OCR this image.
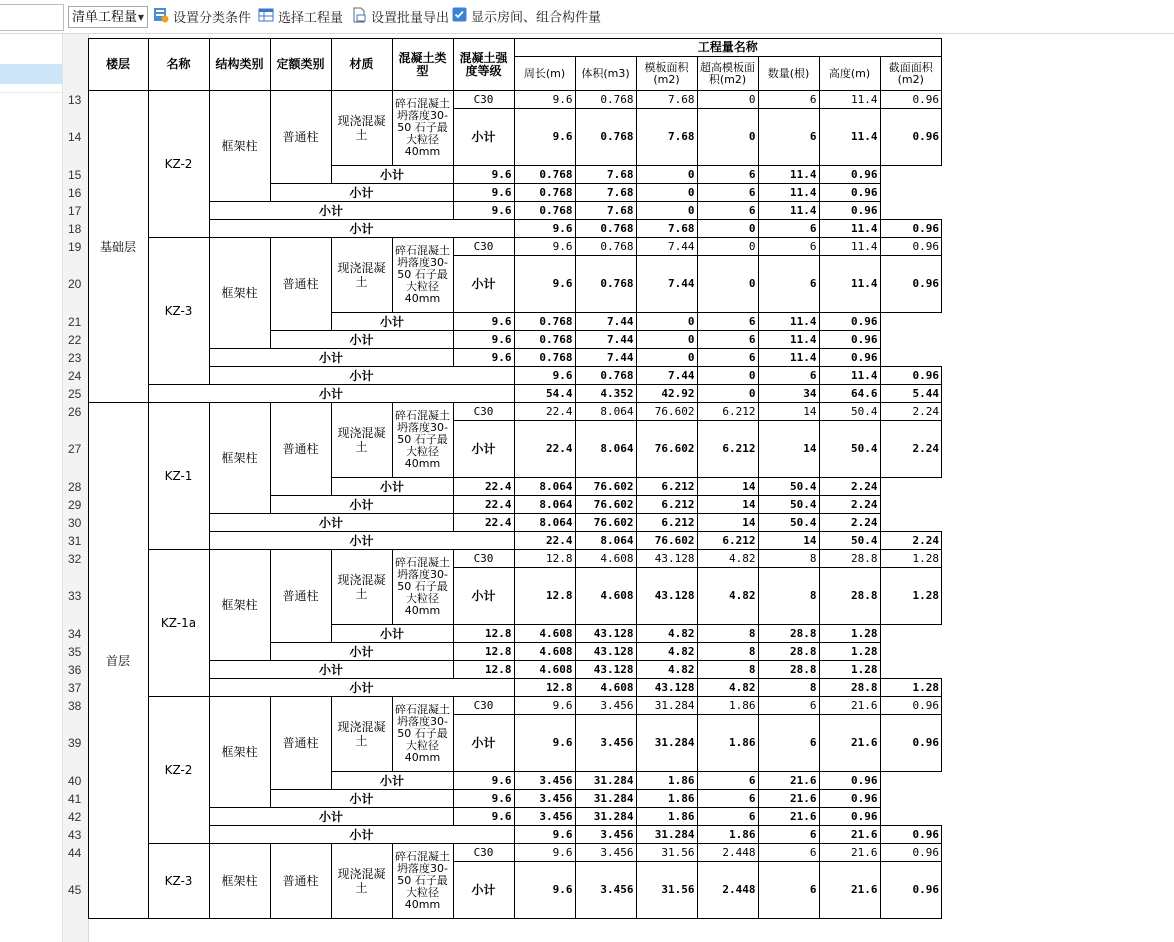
清单工程量 ▼	设置分类条件	选择工程量	设置批量导出	显示房间、组合构件量
	楼层	名称	结构类别	定额类别	材质	混凝土类型	混凝土强度等级	工程量名称						
								周长(m)	体积(m3)	模板面积(m2)	超高模板面积(m2)	数量(根)	高度(m)	截面面积(m2)
13	基础层	KZ-2	框架柱	普通柱	现浇混凝土	碎石混凝土 坍落度30-50 石子最大粒径40mm	C30	9.6	0.768	7.68	0	6	11.4	0.96
14							小计	9.6	0.768	7.68	0	6	11.4	0.96
15					小计		9.6	0.768	7.68	0	6	11.4	0.96	
16				小计			9.6	0.768	7.68	0	6	11.4	0.96	
17			小计				9.6	0.768	7.68	0	6	11.4	0.96	
18			小计					9.6	0.768	7.68	0	6	11.4	0.96
19		KZ-3	框架柱	普通柱	现浇混凝土	碎石混凝土 坍落度30-50 石子最大粒径40mm	C30	9.6	0.768	7.44	0	6	11.4	0.96
20							小计	9.6	0.768	7.44	0	6	11.4	0.96
21					小计		9.6	0.768	7.44	0	6	11.4	0.96	
22				小计			9.6	0.768	7.44	0	6	11.4	0.96	
23			小计				9.6	0.768	7.44	0	6	11.4	0.96	
24			小计					9.6	0.768	7.44	0	6	11.4	0.96
25		小计						54.4	4.352	42.92	0	34	64.6	5.44
26	首层	KZ-1	框架柱	普通柱	现浇混凝土	碎石混凝土 坍落度30-50 石子最大粒径40mm	C30	22.4	8.064	76.602	6.212	14	50.4	2.24
27							小计	22.4	8.064	76.602	6.212	14	50.4	2.24
28					小计		22.4	8.064	76.602	6.212	14	50.4	2.24	
29				小计			22.4	8.064	76.602	6.212	14	50.4	2.24	
30			小计				22.4	8.064	76.602	6.212	14	50.4	2.24	
31			小计					22.4	8.064	76.602	6.212	14	50.4	2.24
32		KZ-1a	框架柱	普通柱	现浇混凝土	碎石混凝土 坍落度30-50 石子最大粒径40mm	C30	12.8	4.608	43.128	4.82	8	28.8	1.28
33							小计	12.8	4.608	43.128	4.82	8	28.8	1.28
34					小计		12.8	4.608	43.128	4.82	8	28.8	1.28	
35				小计			12.8	4.608	43.128	4.82	8	28.8	1.28	
36			小计				12.8	4.608	43.128	4.82	8	28.8	1.28	
37			小计					12.8	4.608	43.128	4.82	8	28.8	1.28
38		KZ-2	框架柱	普通柱	现浇混凝土	碎石混凝土 坍落度30-50 石子最大粒径40mm	C30	9.6	3.456	31.284	1.86	6	21.6	0.96
39							小计	9.6	3.456	31.284	1.86	6	21.6	0.96
40					小计		9.6	3.456	31.284	1.86	6	21.6	0.96	
41				小计			9.6	3.456	31.284	1.86	6	21.6	0.96	
42			小计				9.6	3.456	31.284	1.86	6	21.6	0.96	
43			小计					9.6	3.456	31.284	1.86	6	21.6	0.96
44		KZ-3	框架柱	普通柱	现浇混凝土	碎石混凝土 坍落度30-50 石子最大粒径40mm	C30	9.6	3.456	31.56	2.448	6	21.6	0.96
45							小计	9.6	3.456	31.56	2.448	6	21.6	0.96
